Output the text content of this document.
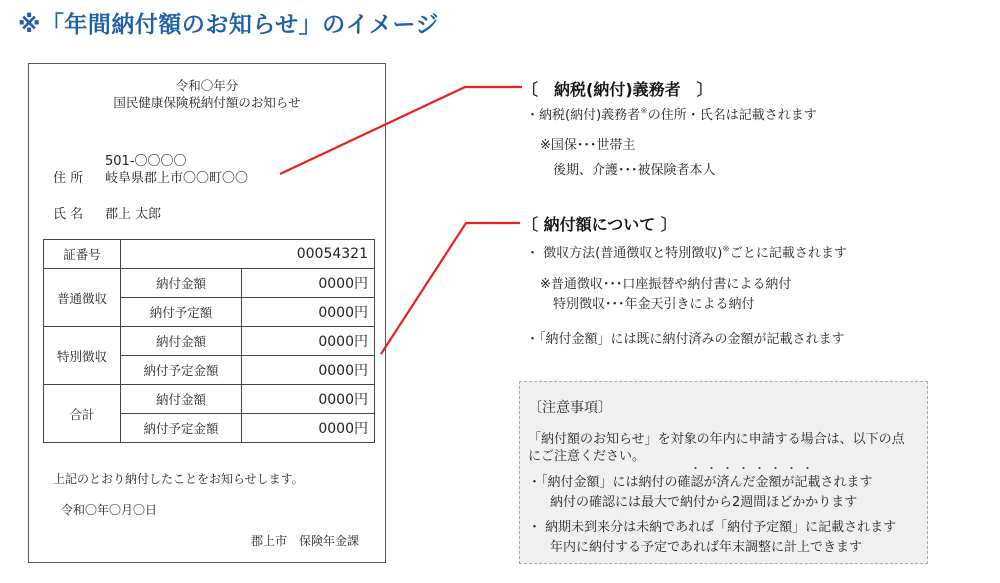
※「年間納付額のお知らせ」のイメージ
令和〇年分
国民健康保険税納付額のお知らせ
501-〇〇〇〇
住 所 岐阜県郡上市〇〇町〇〇
氏 名 郡上 太郎
証番号	00054321	
普通徴収	納付金額	0000円
	納付予定額	0000円
特別徴収	納付金額	0000円
	納付予定金額	0000円
合計	納付金額	0000円
	納付予定金額	0000円
上記のとおり納付したことをお知らせします。
令和〇年〇月〇日
郡上市　保険年金課
〔　納税(納付)義務者　〕
・納税(納付)義務者※の住所・氏名は記載されます
※国保･･･世帯主
後期、介護･･･被保険者本人
〔 納付額について 〕
・ 徴収方法(普通徴収と特別徴収)※ごとに記載されます
※普通徴収･･･口座振替や納付書による納付
特別徴収･･･年金天引きによる納付
・「納付金額」には既に納付済みの金額が記載されます
〔注意事項〕
「納付額のお知らせ」を対象の年内に申請する場合は、以下の点
にご注意ください。
・・・・・・・・
・「納付金額」には納付の確認が済んだ金額が記載されます
納付の確認には最大で納付から2週間ほどかかります
・ 納期未到来分は未納であれば「納付予定額」に記載されます
年内に納付する予定であれば年末調整に計上できます
